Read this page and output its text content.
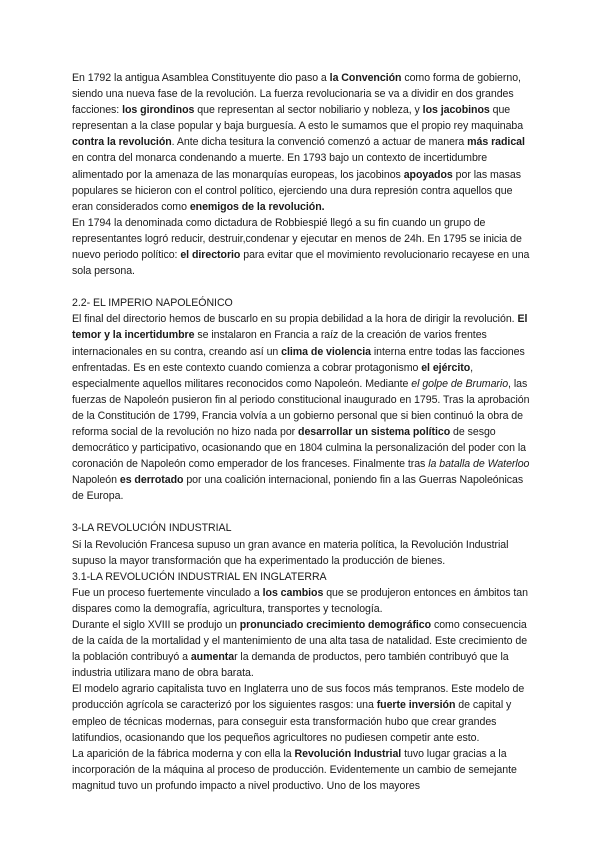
En 1792 la antigua Asamblea Constituyente dio paso a la Convención como forma de gobierno, siendo una nueva fase de la revolución. La fuerza revolucionaria se va a dividir en dos grandes facciones: los girondinos que representan al sector nobiliario y nobleza, y los jacobinos que representan a la clase popular y baja burguesía. A esto le sumamos que el propio rey maquinaba contra la revolución. Ante dicha tesitura la convenció comenzó a actuar de manera más radical en contra del monarca condenando a muerte. En 1793 bajo un contexto de incertidumbre alimentado por la amenaza de las monarquías europeas, los jacobinos apoyados por las masas populares se hicieron con el control político, ejerciendo una dura represión contra aquellos que eran considerados como enemigos de la revolución.

En 1794 la denominada como dictadura de Robbiespié llegó a su fin cuando un grupo de representantes logró reducir, destruir,condenar y ejecutar en menos de 24h. En 1795 se inicia de nuevo periodo político: el directorio para evitar que el movimiento revolucionario recayese en una sola persona.

2.2- EL IMPERIO NAPOLEÓNICO

El final del directorio hemos de buscarlo en su propia debilidad a la hora de dirigir la revolución. El temor y la incertidumbre se instalaron en Francia a raíz de la creación de varios frentes internacionales en su contra, creando así un clima de violencia interna entre todas las facciones enfrentadas. Es en este contexto cuando comienza a cobrar protagonismo el ejército, especialmente aquellos militares reconocidos como Napoleón. Mediante el golpe de Brumario, las fuerzas de Napoleón pusieron fin al periodo constitucional inaugurado en 1795. Tras la aprobación de la Constitución de 1799, Francia volvía a un gobierno personal que si bien continuó la obra de reforma social de la revolución no hizo nada por desarrollar un sistema político de sesgo democrático y participativo, ocasionando que en 1804 culmina la personalización del poder con la coronación de Napoleón como emperador de los franceses. Finalmente tras la batalla de Waterloo Napoleón es derrotado por una coalición internacional, poniendo fin a las Guerras Napoleónicas de Europa.

3-LA REVOLUCIÓN INDUSTRIAL

Si la Revolución Francesa supuso un gran avance en materia política, la Revolución Industrial supuso la mayor transformación que ha experimentado la producción de bienes.

3.1-LA REVOLUCIÓN INDUSTRIAL EN INGLATERRA

Fue un proceso fuertemente vinculado a los cambios que se produjeron entonces en ámbitos tan dispares como la demografía, agricultura, transportes y tecnología.

Durante el siglo XVIII se produjo un pronunciado crecimiento demográfico como consecuencia de la caída de la mortalidad y el mantenimiento de una alta tasa de natalidad. Este crecimiento de la población contribuyó a aumentar la demanda de productos, pero también contribuyó que la industria utilizara mano de obra barata.

El modelo agrario capitalista tuvo en Inglaterra uno de sus focos más tempranos. Este modelo de producción agrícola se caracterizó por los siguientes rasgos: una fuerte inversión de capital y empleo de técnicas modernas, para conseguir esta transformación hubo que crear grandes latifundios, ocasionando que los pequeños agricultores no pudiesen competir ante esto.

La aparición de la fábrica moderna y con ella la Revolución Industrial tuvo lugar gracias a la incorporación de la máquina al proceso de producción. Evidentemente un cambio de semejante magnitud tuvo un profundo impacto a nivel productivo. Uno de los mayores
